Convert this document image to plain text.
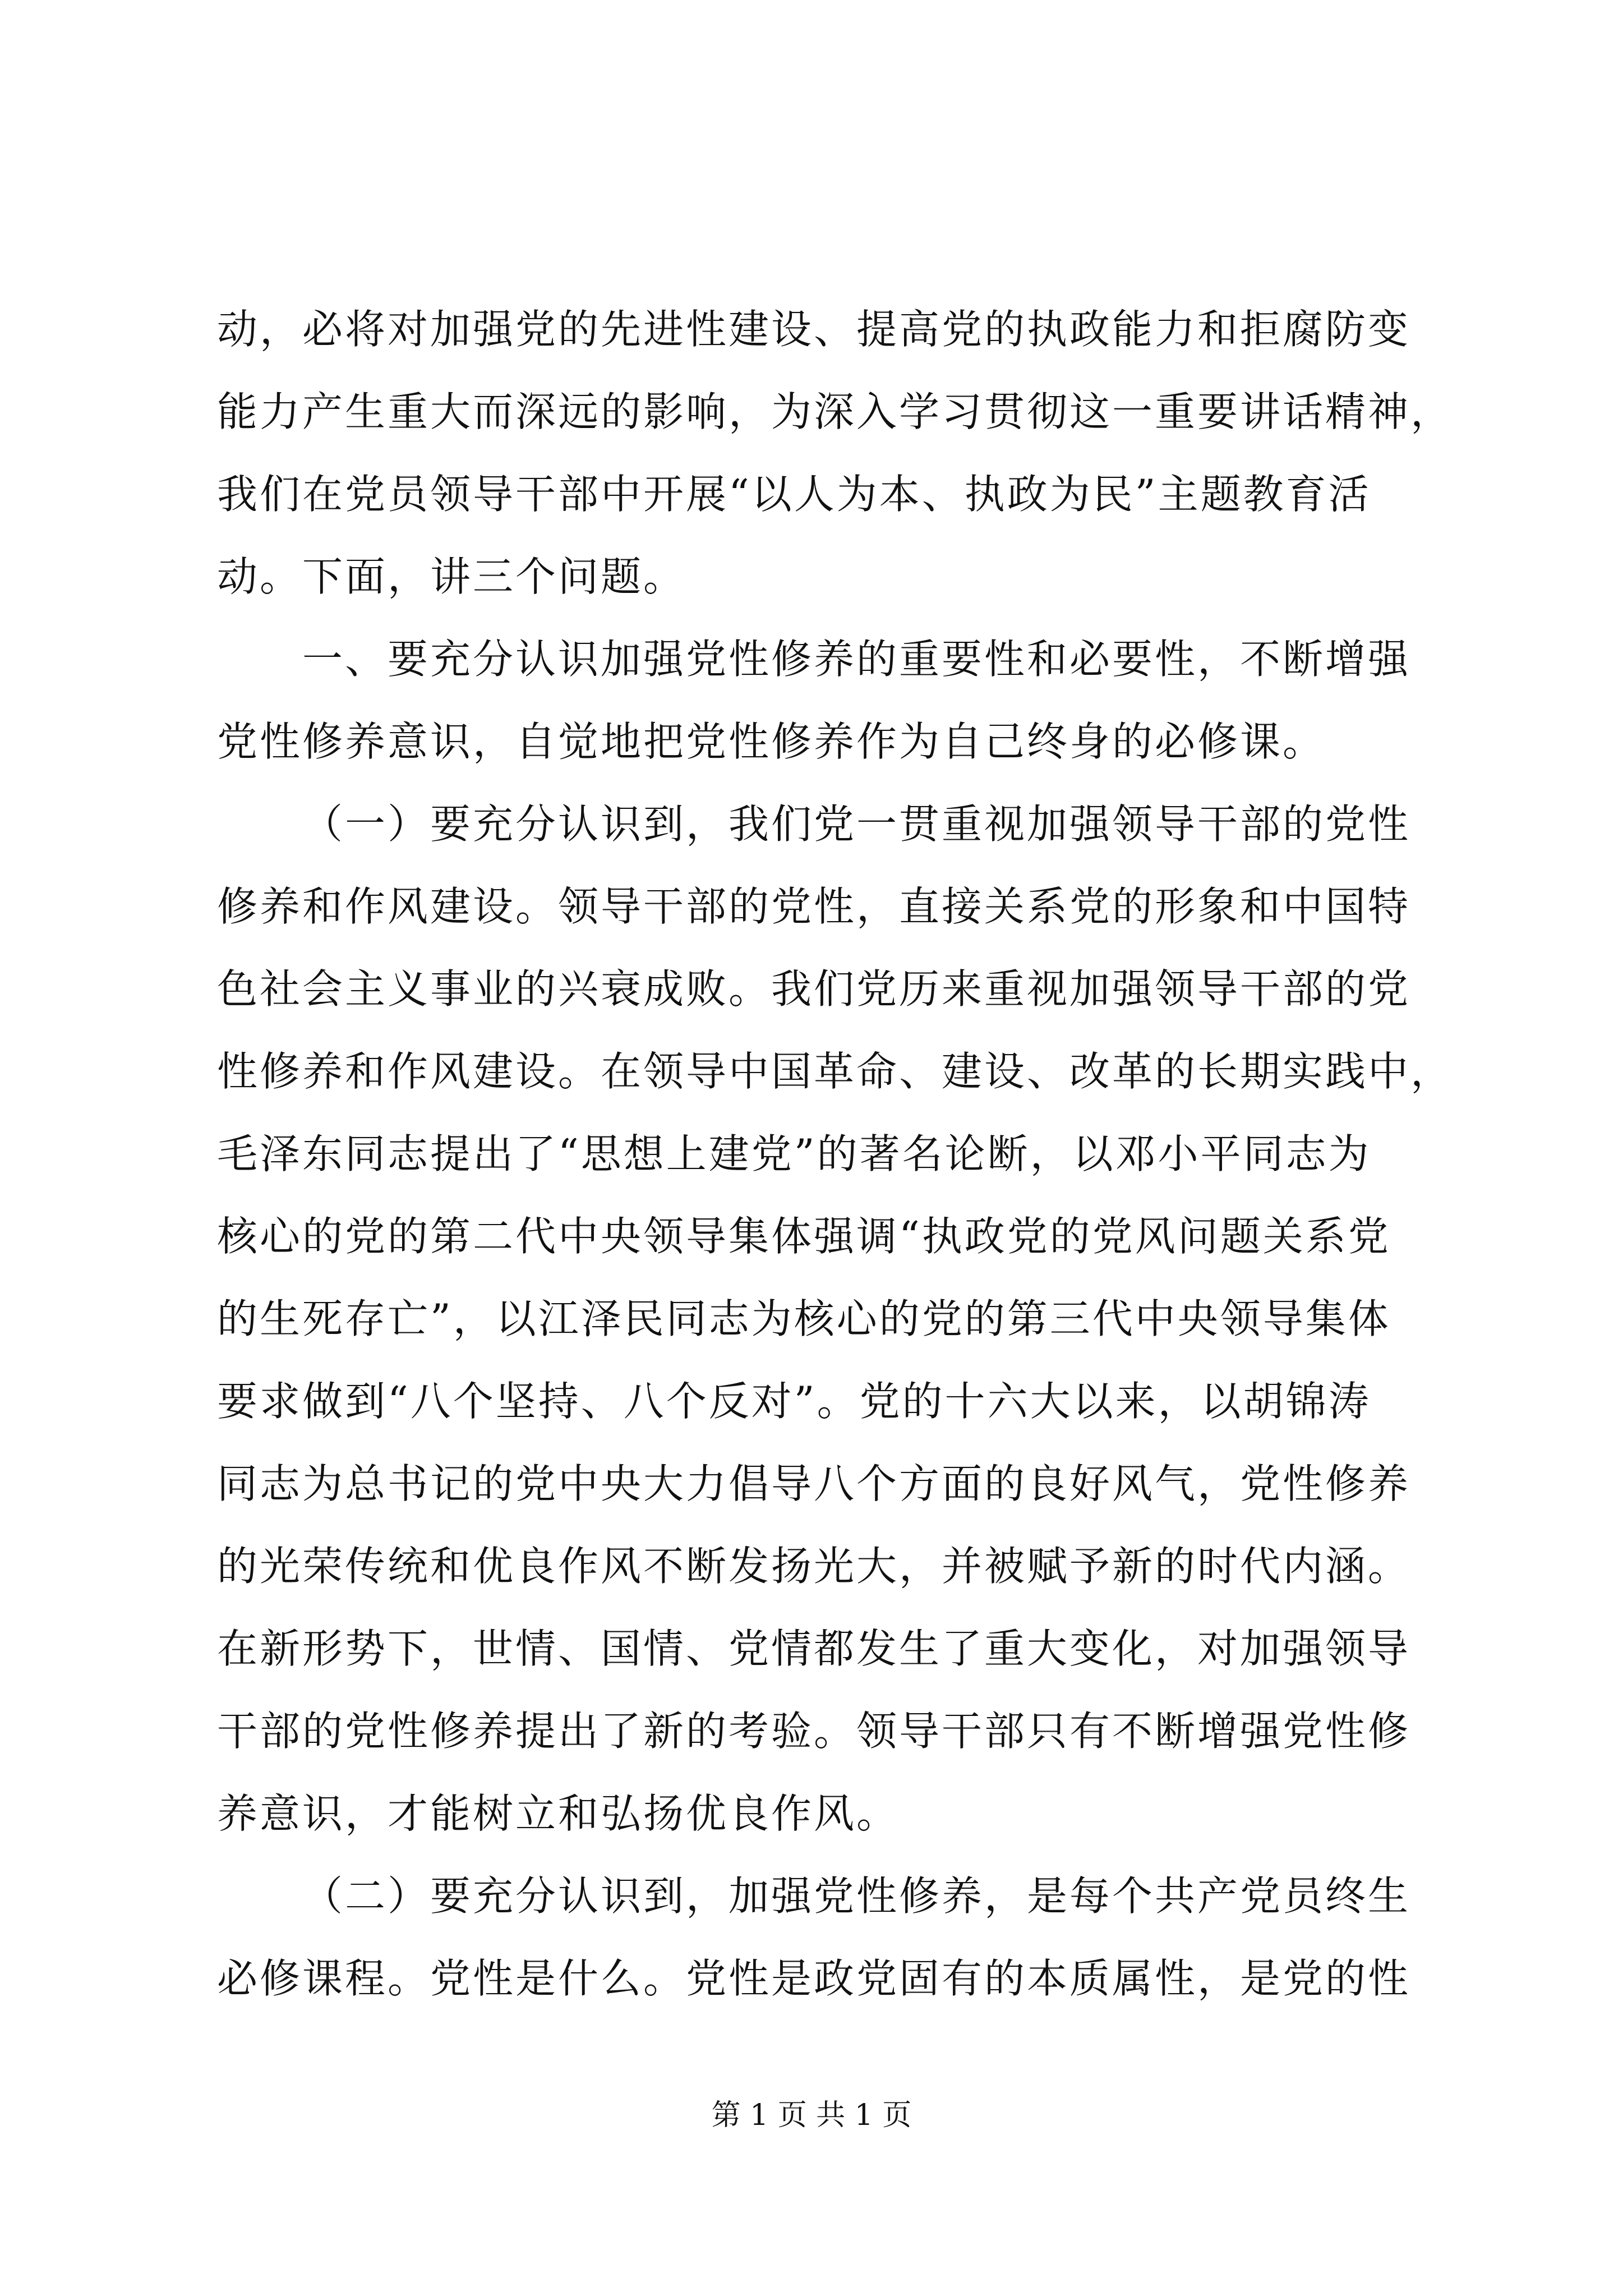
动，必将对加强党的先进性建设、提高党的执政能力和拒腐防变
能力产生重大而深远的影响，为深入学习贯彻这一重要讲话精神，
我们在党员领导干部中开展“以人为本、执政为民”主题教育活
动。下面，讲三个问题。
一、要充分认识加强党性修养的重要性和必要性，不断增强
党性修养意识，自觉地把党性修养作为自己终身的必修课。
（一）要充分认识到，我们党一贯重视加强领导干部的党性
修养和作风建设。领导干部的党性，直接关系党的形象和中国特
色社会主义事业的兴衰成败。我们党历来重视加强领导干部的党
性修养和作风建设。在领导中国革命、建设、改革的长期实践中，
毛泽东同志提出了“思想上建党”的著名论断，以邓小平同志为
核心的党的第二代中央领导集体强调“执政党的党风问题关系党
的生死存亡”，以江泽民同志为核心的党的第三代中央领导集体
要求做到“八个坚持、八个反对”。党的十六大以来，以胡锦涛
同志为总书记的党中央大力倡导八个方面的良好风气，党性修养
的光荣传统和优良作风不断发扬光大，并被赋予新的时代内涵。
在新形势下，世情、国情、党情都发生了重大变化，对加强领导
干部的党性修养提出了新的考验。领导干部只有不断增强党性修
养意识，才能树立和弘扬优良作风。
（二）要充分认识到，加强党性修养，是每个共产党员终生
必修课程。党性是什么。党性是政党固有的本质属性，是党的性
第 1 页 共 1 页
